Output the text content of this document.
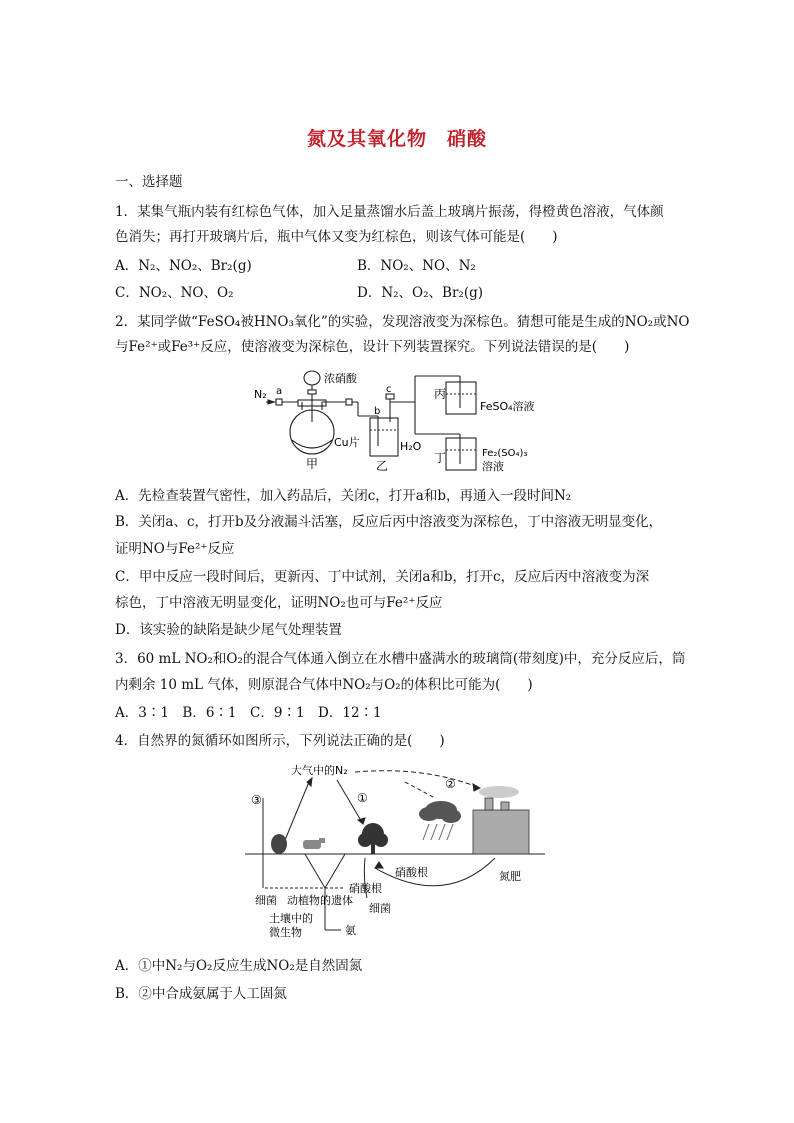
氮及其氧化物　硝酸
一、选择题
1．某集气瓶内装有红棕色气体，加入足量蒸馏水后盖上玻璃片振荡，得橙黄色溶液，气体颜
色消失；再打开玻璃片后，瓶中气体又变为红棕色，则该气体可能是(　　)
A．N₂、NO₂、Br₂(g)	B．NO₂、NO、N₂
C．NO₂、NO、O₂	D．N₂、O₂、Br₂(g)
2．某同学做“FeSO₄被HNO₃氧化”的实验，发现溶液变为深棕色。猜想可能是生成的NO₂或NO
与Fe²⁺或Fe³⁺反应，使溶液变为深棕色，设计下列装置探究。下列说法错误的是(　　)
N₂ a
浓硝酸
Cu片
甲
b
c
乙
H₂O
丙
FeSO₄溶液
丁	Fe₂(SO₄)₃
溶液
A．先检查装置气密性，加入药品后，关闭c，打开a和b，再通入一段时间N₂
B．关闭a、c，打开b及分液漏斗活塞，反应后丙中溶液变为深棕色，丁中溶液无明显变化，
证明NO与Fe²⁺反应
C．甲中反应一段时间后，更新丙、丁中试剂，关闭a和b，打开c，反应后丙中溶液变为深
棕色，丁中溶液无明显变化，证明NO₂也可与Fe²⁺反应
D．该实验的缺陷是缺少尾气处理装置
3．60 mL NO₂和O₂的混合气体通入倒立在水槽中盛满水的玻璃筒(带刻度)中，充分反应后，筒
内剩余 10 mL 气体，则原混合气体中NO₂与O₂的体积比可能为(　　)
A．3∶1　B．6∶1　C．9∶1　D．12∶1
4．自然界的氮循环如图所示，下列说法正确的是(　　)
大气中的N₂
①
②
③
硝酸根	氮肥
硝酸根
细菌 动植物的遗体
细菌
土壤中的
微生物	氨
A．①中N₂与O₂反应生成NO₂是自然固氮
B．②中合成氨属于人工固氮
